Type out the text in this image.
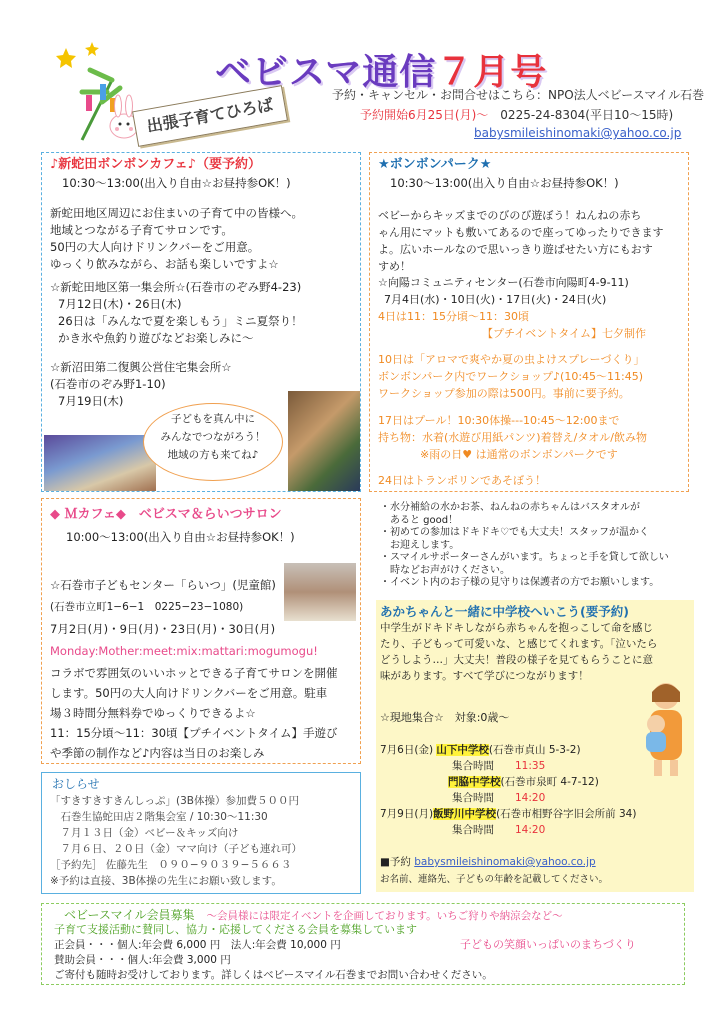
ベビスマ通信７月号
出張子育てひろば
予約・キャンセル・お問合せはこちら：NPO法人ベビースマイル石巻
予約開始6月25日(月)～　 0225-24-8304(平日10～15時)
babysmileishinomaki@yahoo.co.jp
♪新蛇田ボンボンカフェ♪（要予約）
10:30～13:00(出入り自由☆お昼持参OK！)
新蛇田地区周辺にお住まいの子育て中の皆様へ。
地域とつながる子育てサロンです。
50円の大人向けドリンクバーをご用意。
ゆっくり飲みながら、お話も楽しいですよ☆
☆新蛇田地区第一集会所☆(石巻市のぞみ野4-23)
7月12日(木)・26日(木)
26日は「みんなで夏を楽しもう」ミニ夏祭り！
かき氷や魚釣り遊びなどお楽しみに～
☆新沼田第二復興公営住宅集会所☆
(石巻市のぞみ野1-10)
7月19日(木)
子どもを真ん中に
みんなでつながろう！
地域の方も来てね♪
★ボンボンパーク★
10:30～13:00(出入り自由☆お昼持参OK！)
ベビーからキッズまでのびのび遊ぼう！ねんねの赤ち
ゃん用にマットも敷いてあるので座ってゆったりできます
よ。広いホールなので思いっきり遊ばせたい方にもおす
すめ！
☆向陽コミュニティセンター(石巻市向陽町4-9-11)
7月4日(水)・10日(火)・17日(火)・24日(火)
4日は11：15分頃～11：30頃
【プチイベントタイム】七夕制作
10日は「アロマで爽やか夏の虫よけスプレーづくり」
ボンボンパーク内でワークショップ♪(10:45～11:45)
ワークショップ参加の際は500円。事前に要予約。
17日はプール！10:30体操---10:45～12:00まで
持ち物：水着(水遊び用紙パンツ)着替え/タオル/飲み物
※雨の日♥ は通常のボンボンパークです
24日はトランポリンであそぼう！
・水分補給の水かお茶、ねんねの赤ちゃんはバスタオルが
　あると good！
・初めての参加はドキドキ♡でも大丈夫！スタッフが温かく
　お迎えします。
・スマイルサポーターさんがいます。ちょっと手を貸して欲しい
　時などお声がけください。
・イベント内のお子様の見守りは保護者の方でお願いします。
◆ Ｍカフェ◆　ベビスマ＆らいつサロン
10:00～13:00(出入り自由☆お昼持参OK！)
☆石巻市子どもセンター「らいつ」(児童館)
(石巻市立町1−6−1　0225−23−1080)
7月2日(月)・9日(月)・23日(月)・30日(月)
Monday:Mother:meet:mix:mattari:mogumogu!
コラボで雰囲気のいいホッとできる子育てサロンを開催
します。50円の大人向けドリンクバーをご用意。駐車
場３時間分無料券でゆっくりできるよ☆
11：15分頃～11：30頃【プチイベントタイム】手遊び
や季節の制作など♪内容は当日のお楽しみ
おしらせ
「すきすきすきんしっぷ」(3B体操）参加費５００円
　石巻生協蛇田店２階集会室 / 10:30～11:30
　７月１３日（金）ベビー＆キッズ向け
　７月６日、２０日（金）ママ向け（子ども連れ可）
［予約先］ 佐藤先生　０９０−９０３９−５６６３
※予約は直接、3B体操の先生にお願い致します。
あかちゃんと一緒に中学校へいこう(要予約)
中学生がドキドキしながら赤ちゃんを抱っこして命を感じ
たり、子どもって可愛いな、と感じてくれます。「泣いたら
どうしよう…」大丈夫！普段の様子を見てもらうことに意
味があります。すべて学びにつながります！
☆現地集合☆　対象:0歳～
7月6日(金) 山下中学校(石巻市貞山 5-3-2)
集合時間　　 11:35
門脇中学校(石巻市泉町 4-7-12)
集合時間　　 14:20
7月9日(月)飯野川中学校(石巻市相野谷字旧会所前 34)
集合時間　　 14:20
■予約 babysmileishinomaki@yahoo.co.jp
お名前、連絡先、子どもの年齢を記載してください。
ベビースマイル会員募集　 ～会員様には限定イベントを企画しております。いちご狩りや納涼会など～
子育て支援活動に賛同し、協力・応援してくださる会員を募集しています
正会員・・・個人:年会費 6,000 円　法人:年会費 10,000 円	子どもの笑顔いっぱいのまちづくり
賛助会員・・・個人:年会費 3,000 円
ご寄付も随時お受けしております。詳しくはベビースマイル石巻までお問い合わせください。
